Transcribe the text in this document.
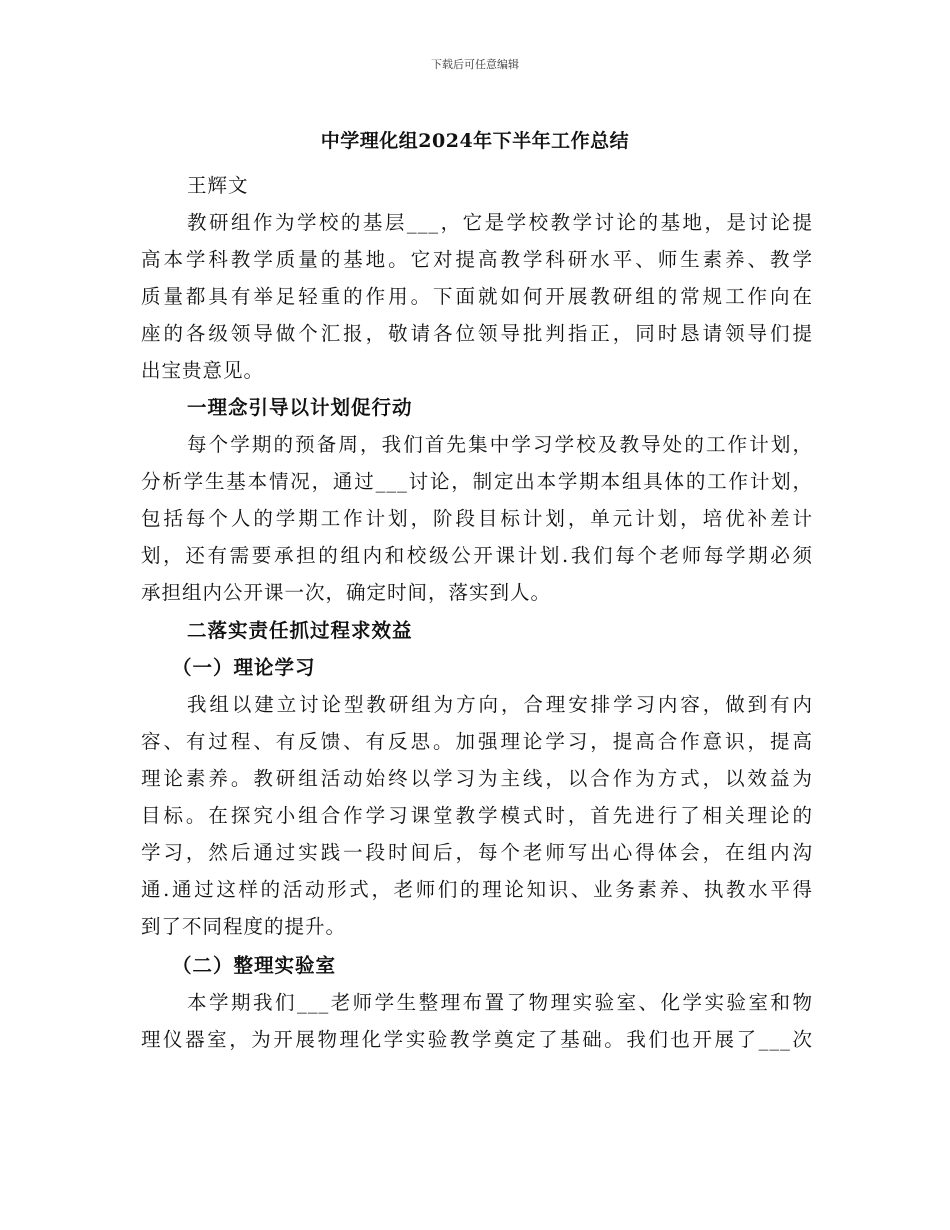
下载后可任意编辑
中学理化组2024年下半年工作总结
王辉文
教研组作为学校的基层___，它是学校教学讨论的基地，是讨论提
高本学科教学质量的基地。它对提高教学科研水平、师生素养、教学
质量都具有举足轻重的作用。下面就如何开展教研组的常规工作向在
座的各级领导做个汇报，敬请各位领导批判指正，同时恳请领导们提
出宝贵意见。
一理念引导以计划促行动
每个学期的预备周，我们首先集中学习学校及教导处的工作计划，
分析学生基本情况，通过___讨论，制定出本学期本组具体的工作计划，
包括每个人的学期工作计划，阶段目标计划，单元计划，培优补差计
划，还有需要承担的组内和校级公开课计划.我们每个老师每学期必须
承担组内公开课一次，确定时间，落实到人。
二落实责任抓过程求效益
（一）理论学习
我组以建立讨论型教研组为方向，合理安排学习内容，做到有内
容、有过程、有反馈、有反思。加强理论学习，提高合作意识，提高
理论素养。教研组活动始终以学习为主线，以合作为方式，以效益为
目标。在探究小组合作学习课堂教学模式时，首先进行了相关理论的
学习，然后通过实践一段时间后，每个老师写出心得体会，在组内沟
通.通过这样的活动形式，老师们的理论知识、业务素养、执教水平得
到了不同程度的提升。
（二）整理实验室
本学期我们___老师学生整理布置了物理实验室、化学实验室和物
理仪器室，为开展物理化学实验教学奠定了基础。我们也开展了___次
